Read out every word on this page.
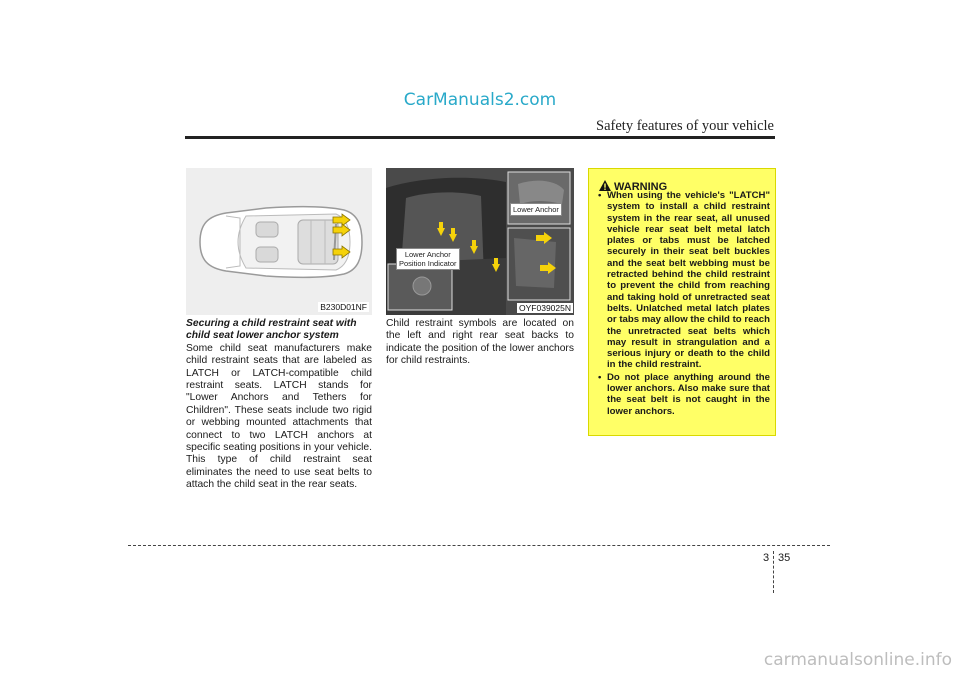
CarManuals2.com
Safety features of your vehicle
B230D01NF
Lower Anchor
Lower Anchor
Position Indicator
OYF039025N
Securing a child restraint seat with
child seat lower anchor system
Some child seat manufacturers make child restraint seats that are labeled as LATCH or LATCH-compatible child restraint seats. LATCH stands for "Lower Anchors and Tethers for Children". These seats include two rigid or webbing mounted attachments that connect to two LATCH anchors at specific seating positions in your vehicle. This type of child restraint seat eliminates the need to use seat belts to attach the child seat in the rear seats.
Child restraint symbols are located on the left and right rear seat backs to indicate the position of the lower anchors for child restraints.
WARNING
• When using the vehicle's "LATCH" system to install a child restraint system in the rear seat, all unused vehicle rear seat belt metal latch plates or tabs must be latched securely in their seat belt buckles and the seat belt webbing must be retracted behind the child restraint to prevent the child from reaching and taking hold of unretracted seat belts. Unlatched metal latch plates or tabs may allow the child to reach the unretracted seat belts which may result in strangulation and a serious injury or death to the child in the child restraint.
• Do not place anything around the lower anchors. Also make sure that the seat belt is not caught in the lower anchors.
3 35
carmanualsonline.info
